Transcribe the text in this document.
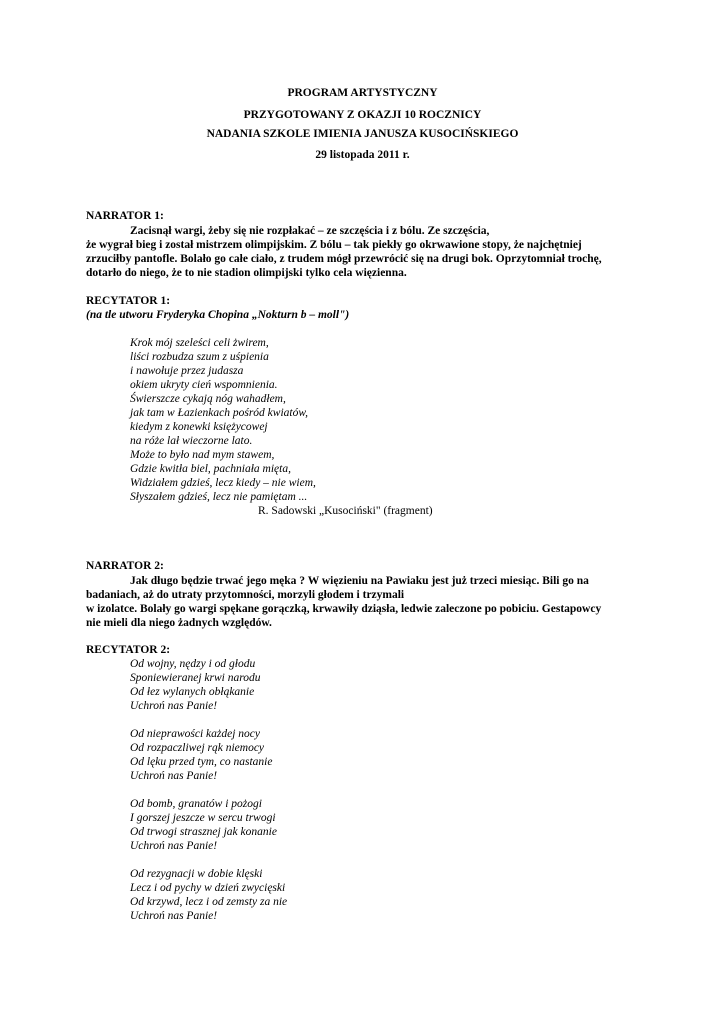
PROGRAM ARTYSTYCZNY
PRZYGOTOWANY Z OKAZJI 10 ROCZNICY
NADANIA SZKOLE IMIENIA JANUSZA KUSOCIŃSKIEGO
29 listopada 2011 r.
NARRATOR 1:
Zacisnął wargi, żeby się nie rozpłakać – ze szczęścia i z bólu. Ze szczęścia,
że wygrał bieg i został mistrzem olimpijskim. Z bólu – tak piekły go okrwawione stopy, że najchętniej
zrzuciłby pantofle. Bolało go całe ciało, z trudem mógł przewrócić się na drugi bok. Oprzytomniał trochę,
dotarło do niego, że to nie stadion olimpijski tylko cela więzienna.
RECYTATOR 1:
(na tle utworu Fryderyka Chopina „Nokturn b – moll")
Krok mój szeleści celi żwirem,
liści rozbudza szum z uśpienia
i nawołuje przez judasza
okiem ukryty cień wspomnienia.
Świerszcze cykają nóg wahadłem,
jak tam w Łazienkach pośród kwiatów,
kiedym z konewki księżycowej
na róże lał wieczorne lato.
Może to było nad mym stawem,
Gdzie kwitła biel, pachniała mięta,
Widziałem gdzieś, lecz kiedy – nie wiem,
Słyszałem gdzieś, lecz nie pamiętam ...
R. Sadowski „Kusociński" (fragment)
NARRATOR 2:
Jak długo będzie trwać jego męka ? W więzieniu na Pawiaku jest już trzeci miesiąc. Bili go na
badaniach, aż do utraty przytomności, morzyli głodem i trzymali
w izolatce. Bolały go wargi spękane gorączką, krwawiły dziąsła, ledwie zaleczone po pobiciu. Gestapowcy
nie mieli dla niego żadnych względów.
RECYTATOR 2:
Od wojny, nędzy i od głodu
Sponiewieranej krwi narodu
Od łez wylanych obłąkanie
Uchroń nas Panie!
Od nieprawości każdej nocy
Od rozpaczliwej rąk niemocy
Od lęku przed tym, co nastanie
Uchroń nas Panie!
Od bomb, granatów i pożogi
I gorszej jeszcze w sercu trwogi
Od trwogi strasznej jak konanie
Uchroń nas Panie!
Od rezygnacji w dobie klęski
Lecz i od pychy w dzień zwycięski
Od krzywd, lecz i od zemsty za nie
Uchroń nas Panie!
